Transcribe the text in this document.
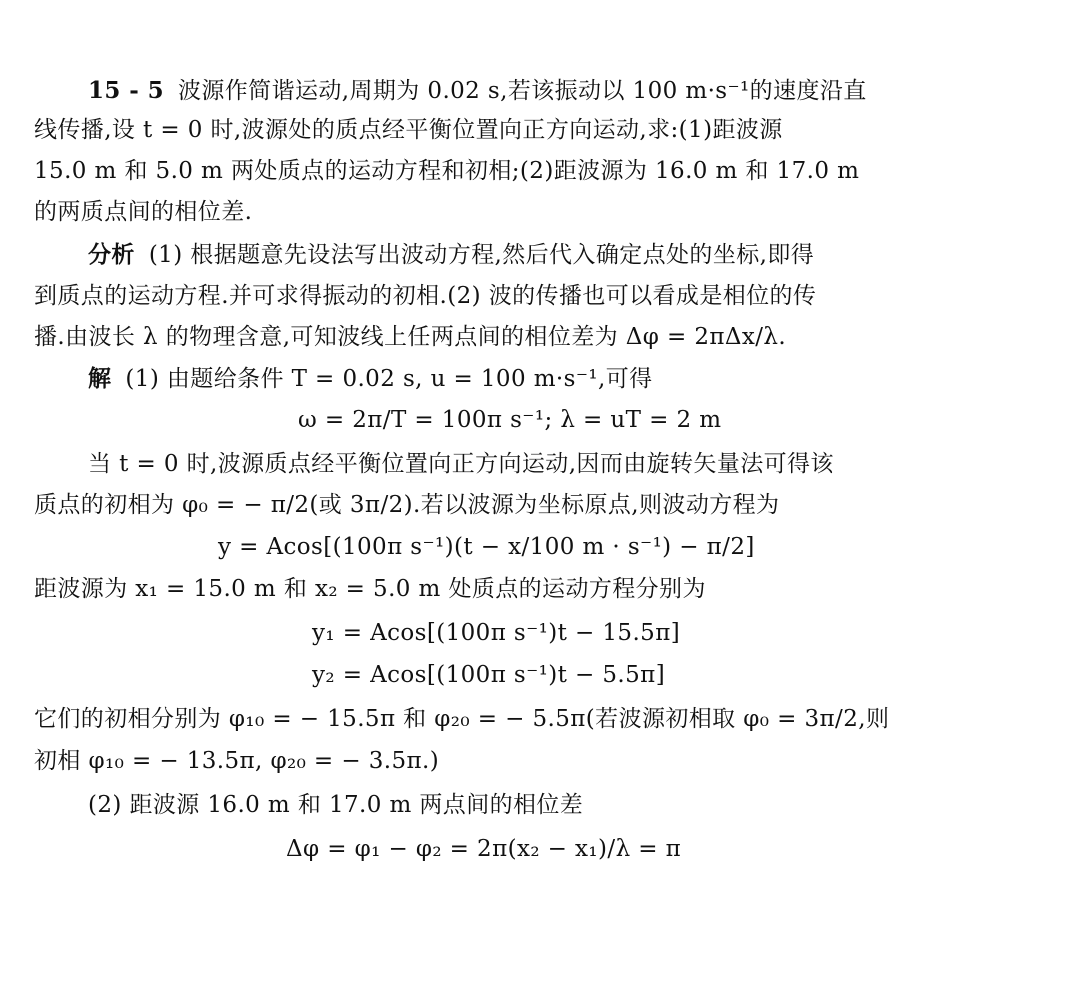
15 - 5 波源作简谐运动,周期为 0.02 s,若该振动以 100 m·s⁻¹的速度沿直
线传播,设 t = 0 时,波源处的质点经平衡位置向正方向运动,求:(1)距波源
15.0 m 和 5.0 m 两处质点的运动方程和初相;(2)距波源为 16.0 m 和 17.0 m
的两质点间的相位差.
分析 (1) 根据题意先设法写出波动方程,然后代入确定点处的坐标,即得
到质点的运动方程.并可求得振动的初相.(2) 波的传播也可以看成是相位的传
播.由波长 λ 的物理含意,可知波线上任两点间的相位差为 Δφ = 2πΔx/λ.
解 (1) 由题给条件 T = 0.02 s, u = 100 m·s⁻¹,可得
ω = 2π/T = 100π s⁻¹; λ = uT = 2 m
当 t = 0 时,波源质点经平衡位置向正方向运动,因而由旋转矢量法可得该
质点的初相为 φ₀ = − π/2(或 3π/2).若以波源为坐标原点,则波动方程为
y = Acos[(100π s⁻¹)(t − x/100 m · s⁻¹) − π/2]
距波源为 x₁ = 15.0 m 和 x₂ = 5.0 m 处质点的运动方程分别为
y₁ = Acos[(100π s⁻¹)t − 15.5π]
y₂ = Acos[(100π s⁻¹)t − 5.5π]
它们的初相分别为 φ₁₀ = − 15.5π 和 φ₂₀ = − 5.5π(若波源初相取 φ₀ = 3π/2,则
初相 φ₁₀ = − 13.5π, φ₂₀ = − 3.5π.)
(2) 距波源 16.0 m 和 17.0 m 两点间的相位差
Δφ = φ₁ − φ₂ = 2π(x₂ − x₁)/λ = π
